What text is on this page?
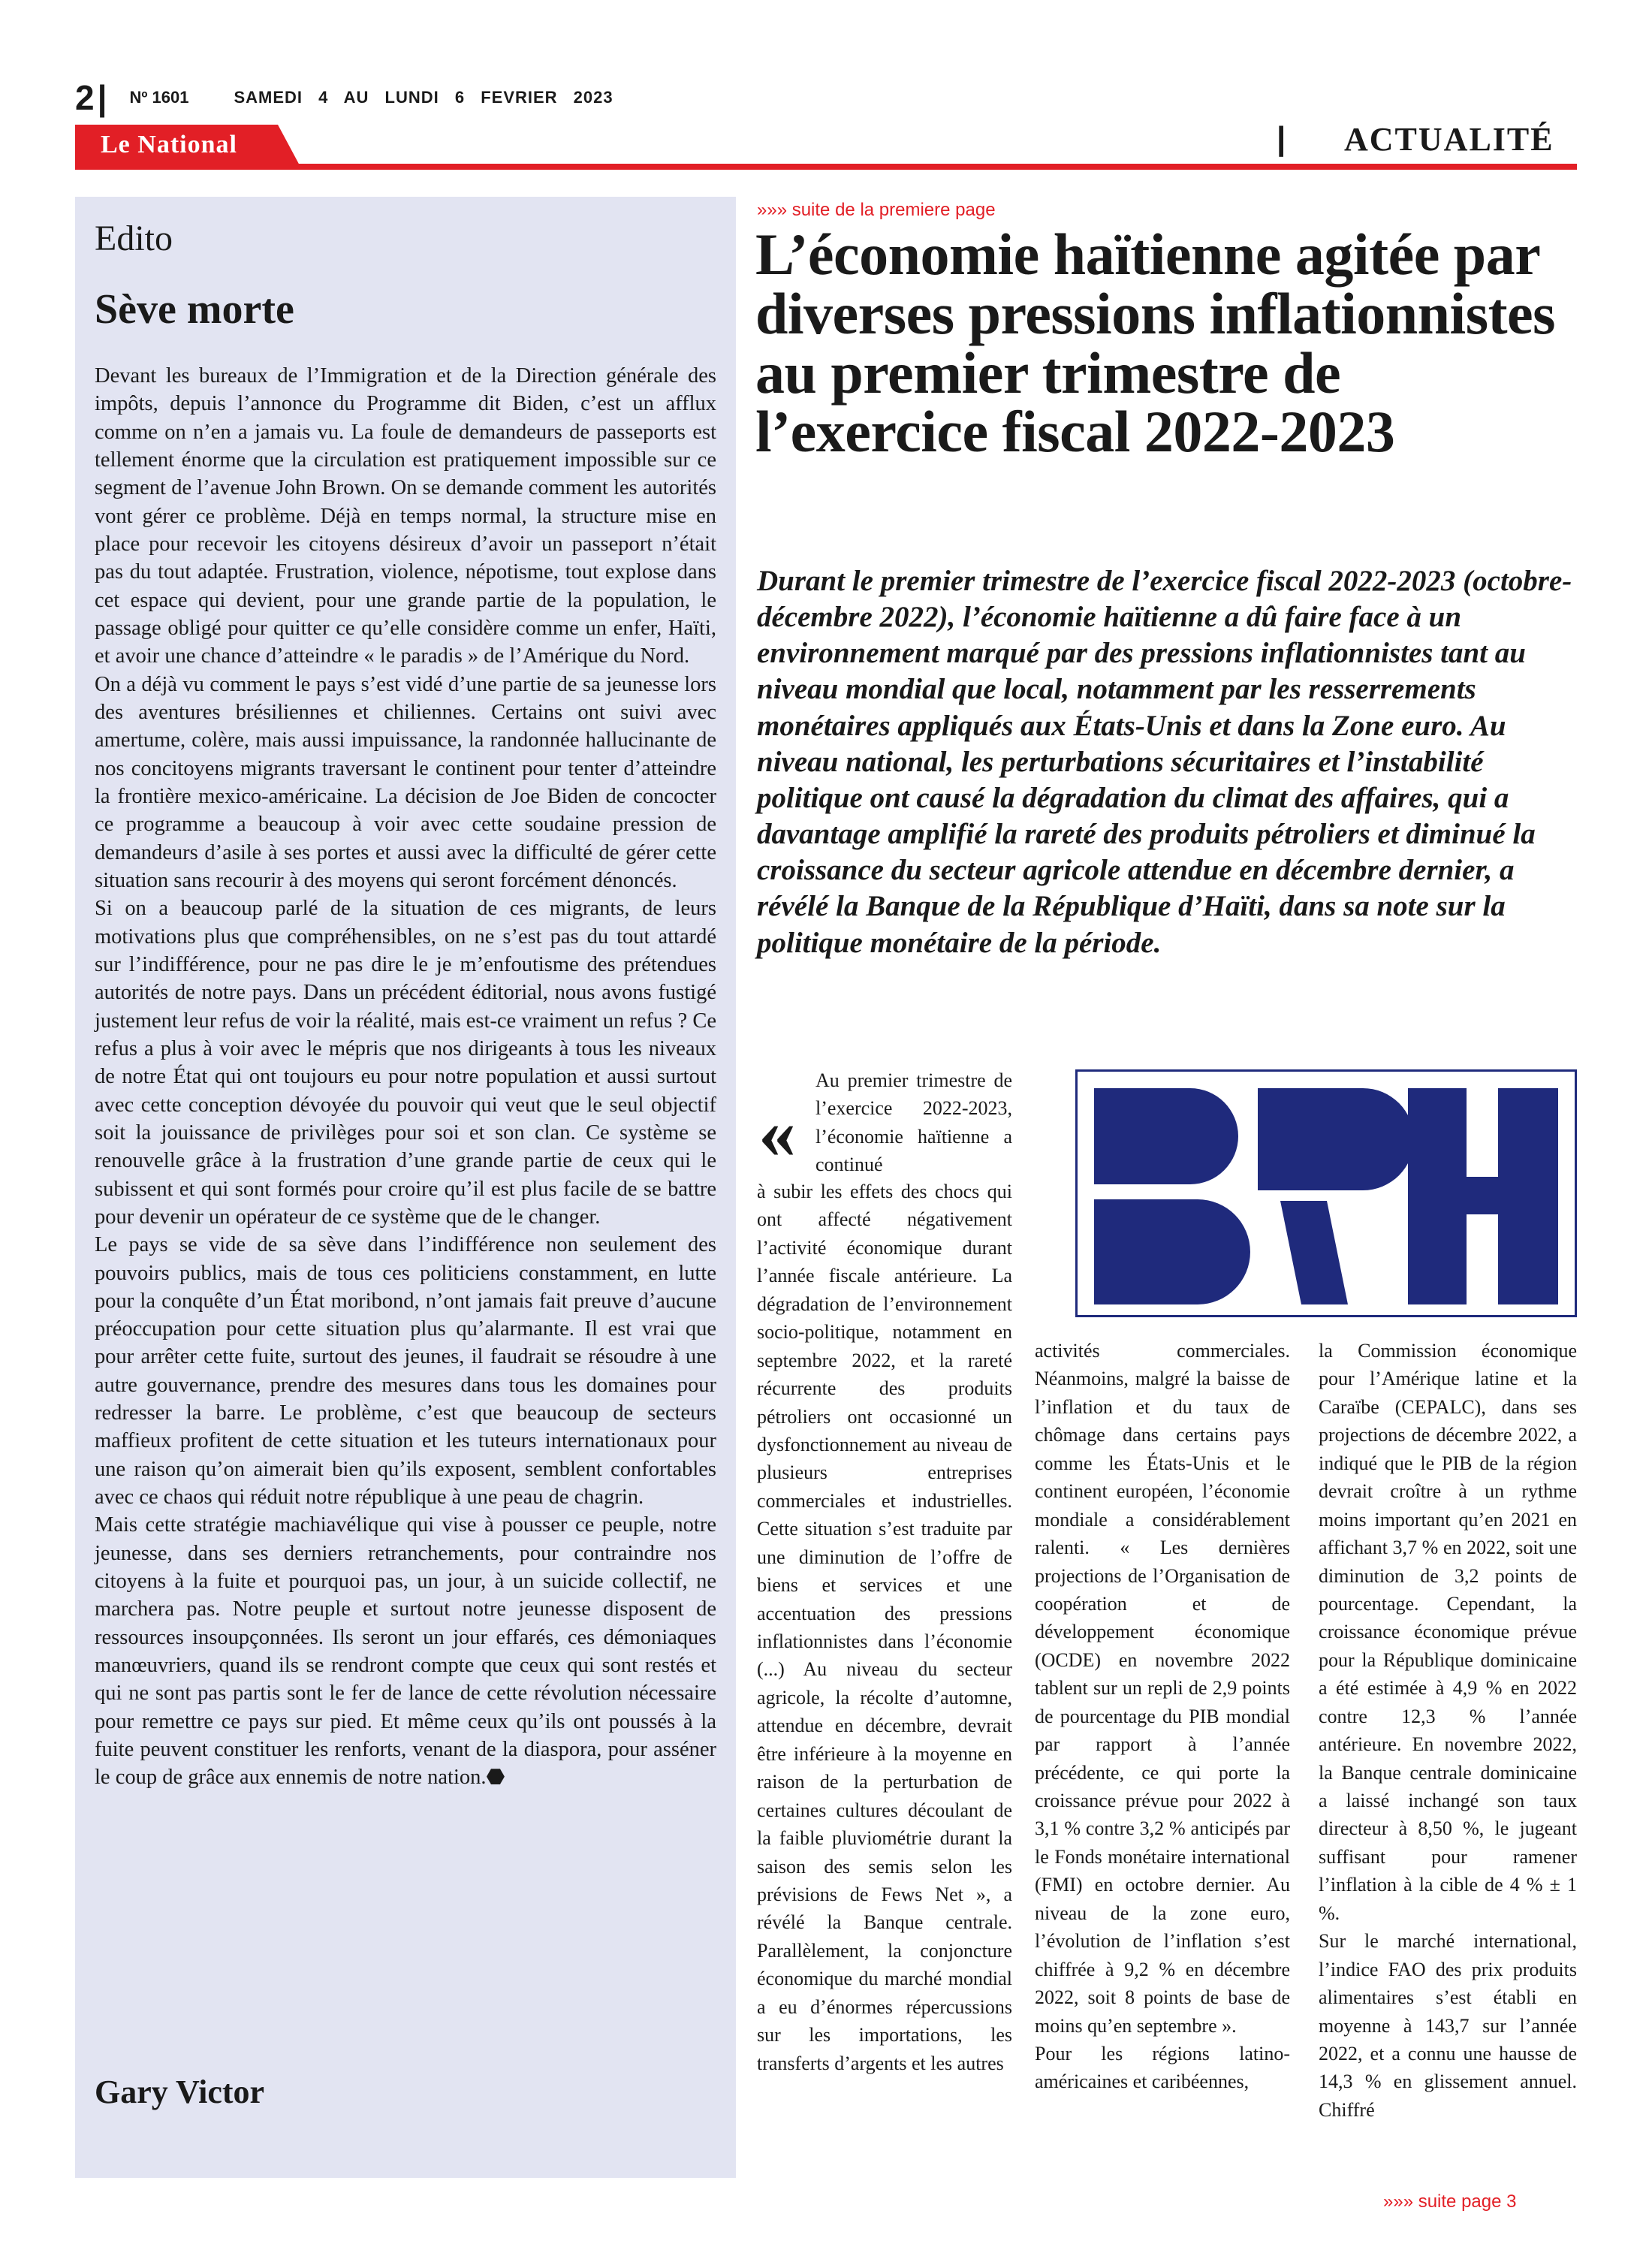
2 | Nº 1601	SAMEDI 4 AU LUNDI 6 FEVRIER 2023
Le National	| ACTUALITÉ
Edito
Sève morte

Devant les bureaux de l’Immigration et de la Direction générale des impôts, depuis l’annonce du Programme dit Biden, c’est un afflux comme on n’en a jamais vu. La foule de demandeurs de passeports est tellement énorme que la circulation est pratiquement impossible sur ce segment de l’avenue John Brown. On se demande comment les autorités vont gérer ce problème. Déjà en temps normal, la structure mise en place pour recevoir les citoyens désireux d’avoir un passeport n’était pas du tout adaptée. Frustration, violence, népotisme, tout explose dans cet espace qui devient, pour une grande partie de la population, le passage obligé pour quitter ce qu’elle considère comme un enfer, Haïti, et avoir une chance d’atteindre « le paradis » de l’Amérique du Nord.

On a déjà vu comment le pays s’est vidé d’une partie de sa jeunesse lors des aventures brésiliennes et chiliennes. Certains ont suivi avec amertume, colère, mais aussi impuissance, la randonnée hallucinante de nos concitoyens migrants traversant le continent pour tenter d’atteindre la frontière mexico-américaine. La décision de Joe Biden de concocter ce programme a beaucoup à voir avec cette soudaine pression de demandeurs d’asile à ses portes et aussi avec la difficulté de gérer cette situation sans recourir à des moyens qui seront forcément dénoncés.

Si on a beaucoup parlé de la situation de ces migrants, de leurs motivations plus que compréhensibles, on ne s’est pas du tout attardé sur l’indifférence, pour ne pas dire le je m’enfoutisme des prétendues autorités de notre pays. Dans un précédent éditorial, nous avons fustigé justement leur refus de voir la réalité, mais est-ce vraiment un refus ? Ce refus a plus à voir avec le mépris que nos dirigeants à tous les niveaux de notre État qui ont toujours eu pour notre population et aussi surtout avec cette conception dévoyée du pouvoir qui veut que le seul objectif soit la jouissance de privilèges pour soi et son clan. Ce système se renouvelle grâce à la frustration d’une grande partie de ceux qui le subissent et qui sont formés pour croire qu’il est plus facile de se battre pour devenir un opérateur de ce système que de le changer.

Le pays se vide de sa sève dans l’indifférence non seulement des pouvoirs publics, mais de tous ces politiciens constamment, en lutte pour la conquête d’un État moribond, n’ont jamais fait preuve d’aucune préoccupation pour cette situation plus qu’alarmante. Il est vrai que pour arrêter cette fuite, surtout des jeunes, il faudrait se résoudre à une autre gouvernance, prendre des mesures dans tous les domaines pour redresser la barre. Le problème, c’est que beaucoup de secteurs maffieux profitent de cette situation et les tuteurs internationaux pour une raison qu’on aimerait bien qu’ils exposent, semblent confortables avec ce chaos qui réduit notre république à une peau de chagrin.

Mais cette stratégie machiavélique qui vise à pousser ce peuple, notre jeunesse, dans ses derniers retranchements, pour contraindre nos citoyens à la fuite et pourquoi pas, un jour, à un suicide collectif, ne marchera pas. Notre peuple et surtout notre jeunesse disposent de ressources insoupçonnées. Ils seront un jour effarés, ces démoniaques manœuvriers, quand ils se rendront compte que ceux qui sont restés et qui ne sont pas partis sont le fer de lance de cette révolution nécessaire pour remettre ce pays sur pied. Et même ceux qu’ils ont poussés à la fuite peuvent constituer les renforts, venant de la diaspora, pour asséner le coup de grâce aux ennemis de notre nation.⬣

Gary Victor
»»» suite de la premiere page
L’économie haïtienne agitée par diverses pressions inflationnistes au premier trimestre de l’exercice fiscal 2022-2023
Durant le premier trimestre de l’exercice fiscal 2022-2023 (octobre-décembre 2022), l’économie haïtienne a dû faire face à un environnement marqué par des pressions inflationnistes tant au niveau mondial que local, notamment par les resserrements monétaires appliqués aux États-Unis et dans la Zone euro. Au niveau national, les perturbations sécuritaires et l’instabilité politique ont causé la dégradation du climat des affaires, qui a davantage amplifié la rareté des produits pétroliers et diminué la croissance du secteur agricole attendue en décembre dernier, a révélé la Banque de la République d’Haïti, dans sa note sur la politique monétaire de la période.
«
Au premier trimestre de l’exercice 2022-2023, l’économie haïtienne a continué
à subir les effets des chocs qui ont affecté négativement l’activité économique durant l’année fiscale antérieure. La dégradation de l’environnement socio-politique, notamment en septembre 2022, et la rareté récurrente des produits pétroliers ont occasionné un dysfonctionnement au niveau de plusieurs entreprises commerciales et industrielles. Cette situation s’est traduite par une diminution de l’offre de biens et services et une accentuation des pressions inflationnistes dans l’économie (...) Au niveau du secteur agricole, la récolte d’automne, attendue en décembre, devrait être inférieure à la moyenne en raison de la perturbation de certaines cultures découlant de la faible pluviométrie durant la saison des semis selon les prévisions de Fews Net », a révélé la Banque centrale. Parallèlement, la conjoncture économique du marché mondial a eu d’énormes répercussions sur les importations, les transferts d’argents et les autres

activités commerciales. Néanmoins, malgré la baisse de l’inflation et du taux de chômage dans certains pays comme les États-Unis et le continent européen, l’économie mondiale a considérablement ralenti. « Les dernières projections de l’Organisation de coopération et de développement économique (OCDE) en novembre 2022 tablent sur un repli de 2,9 points de pourcentage du PIB mondial par rapport à l’année précédente, ce qui porte la croissance prévue pour 2022 à 3,1 % contre 3,2 % anticipés par le Fonds monétaire international (FMI) en octobre dernier. Au niveau de la zone euro, l’évolution de l’inflation s’est chiffrée à 9,2 % en décembre 2022, soit 8 points de base de moins qu’en septembre ».

Pour les régions latino-américaines et caribéennes,

la Commission économique pour l’Amérique latine et la Caraïbe (CEPALC), dans ses projections de décembre 2022, a indiqué que le PIB de la région devrait croître à un rythme moins important qu’en 2021 en affichant 3,7 % en 2022, soit une diminution de 3,2 points de pourcentage. Cependant, la croissance économique prévue pour la République dominicaine a été estimée à 4,9 % en 2022 contre 12,3 % l’année antérieure. En novembre 2022, la Banque centrale dominicaine a laissé inchangé son taux directeur à 8,50 %, le jugeant suffisant pour ramener l’inflation à la cible de 4 % ± 1 %.

Sur le marché international, l’indice FAO des prix produits alimentaires s’est établi en moyenne à 143,7 sur l’année 2022, et a connu une hausse de 14,3 % en glissement annuel. Chiffré

»»» suite page 3
